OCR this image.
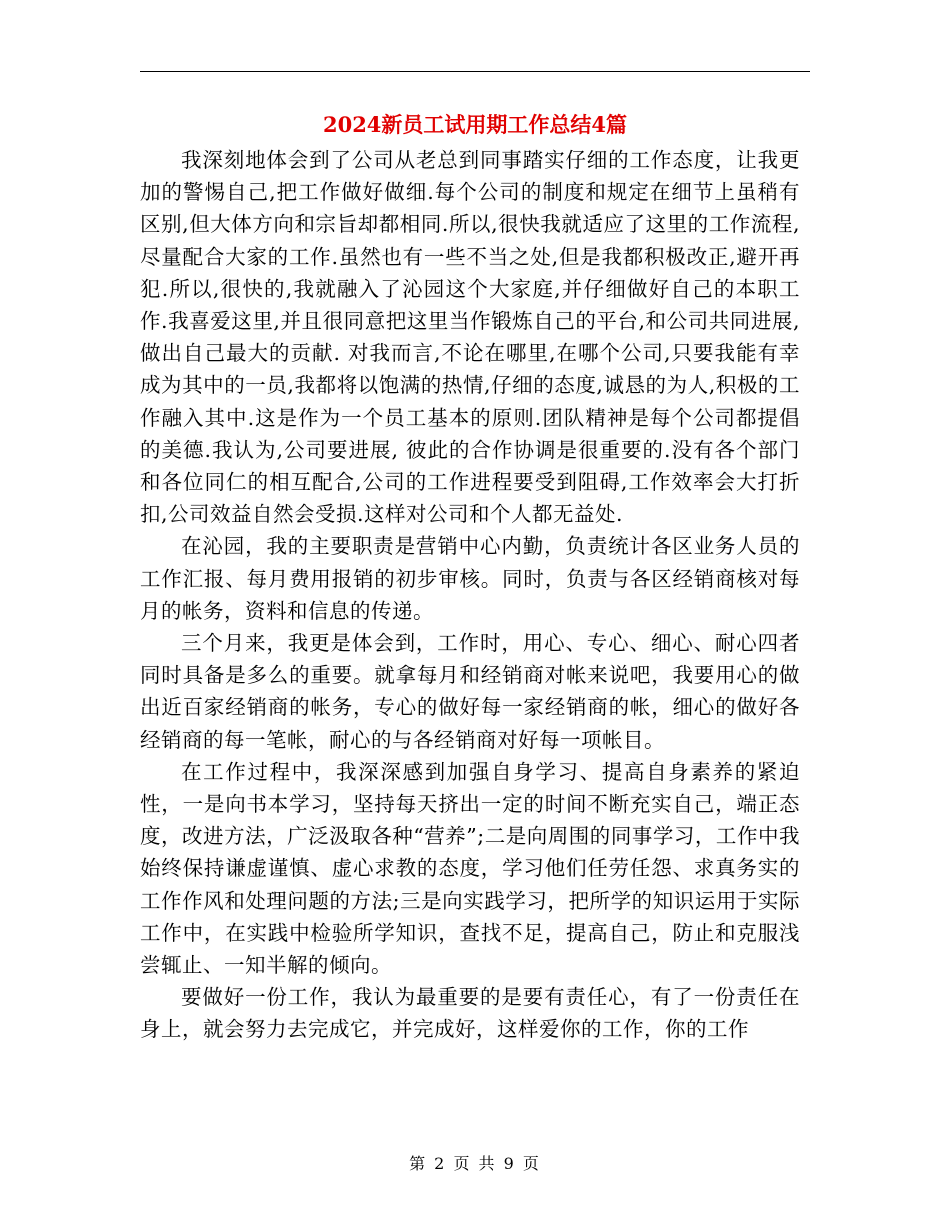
2024新员工试用期工作总结4篇

我深刻地体会到了公司从老总到同事踏实仔细的工作态度，让我更加的警惕自己,把工作做好做细.每个公司的制度和规定在细节上虽稍有区别,但大体方向和宗旨却都相同.所以,很快我就适应了这里的工作流程,尽量配合大家的工作.虽然也有一些不当之处,但是我都积极改正,避开再犯.所以,很快的,我就融入了沁园这个大家庭,并仔细做好自己的本职工作.我喜爱这里,并且很同意把这里当作锻炼自己的平台,和公司共同进展,做出自己最大的贡献. 对我而言,不论在哪里,在哪个公司,只要我能有幸成为其中的一员,我都将以饱满的热情,仔细的态度,诚恳的为人,积极的工作融入其中.这是作为一个员工基本的原则.团队精神是每个公司都提倡的美德.我认为,公司要进展, 彼此的合作协调是很重要的.没有各个部门和各位同仁的相互配合,公司的工作进程要受到阻碍,工作效率会大打折扣,公司效益自然会受损.这样对公司和个人都无益处.

在沁园，我的主要职责是营销中心内勤，负责统计各区业务人员的工作汇报、每月费用报销的初步审核。同时，负责与各区经销商核对每月的帐务，资料和信息的传递。

三个月来，我更是体会到，工作时，用心、专心、细心、耐心四者同时具备是多么的重要。就拿每月和经销商对帐来说吧，我要用心的做出近百家经销商的帐务，专心的做好每一家经销商的帐，细心的做好各经销商的每一笔帐，耐心的与各经销商对好每一项帐目。

在工作过程中，我深深感到加强自身学习、提高自身素养的紧迫性，一是向书本学习，坚持每天挤出一定的时间不断充实自己，端正态度，改进方法，广泛汲取各种“营养”;二是向周围的同事学习，工作中我始终保持谦虚谨慎、虚心求教的态度，学习他们任劳任怨、求真务实的工作作风和处理问题的方法;三是向实践学习，把所学的知识运用于实际工作中，在实践中检验所学知识，查找不足，提高自己，防止和克服浅尝辄止、一知半解的倾向。

要做好一份工作，我认为最重要的是要有责任心，有了一份责任在身上，就会努力去完成它，并完成好，这样爱你的工作，你的工作

第 2 页 共 9 页
